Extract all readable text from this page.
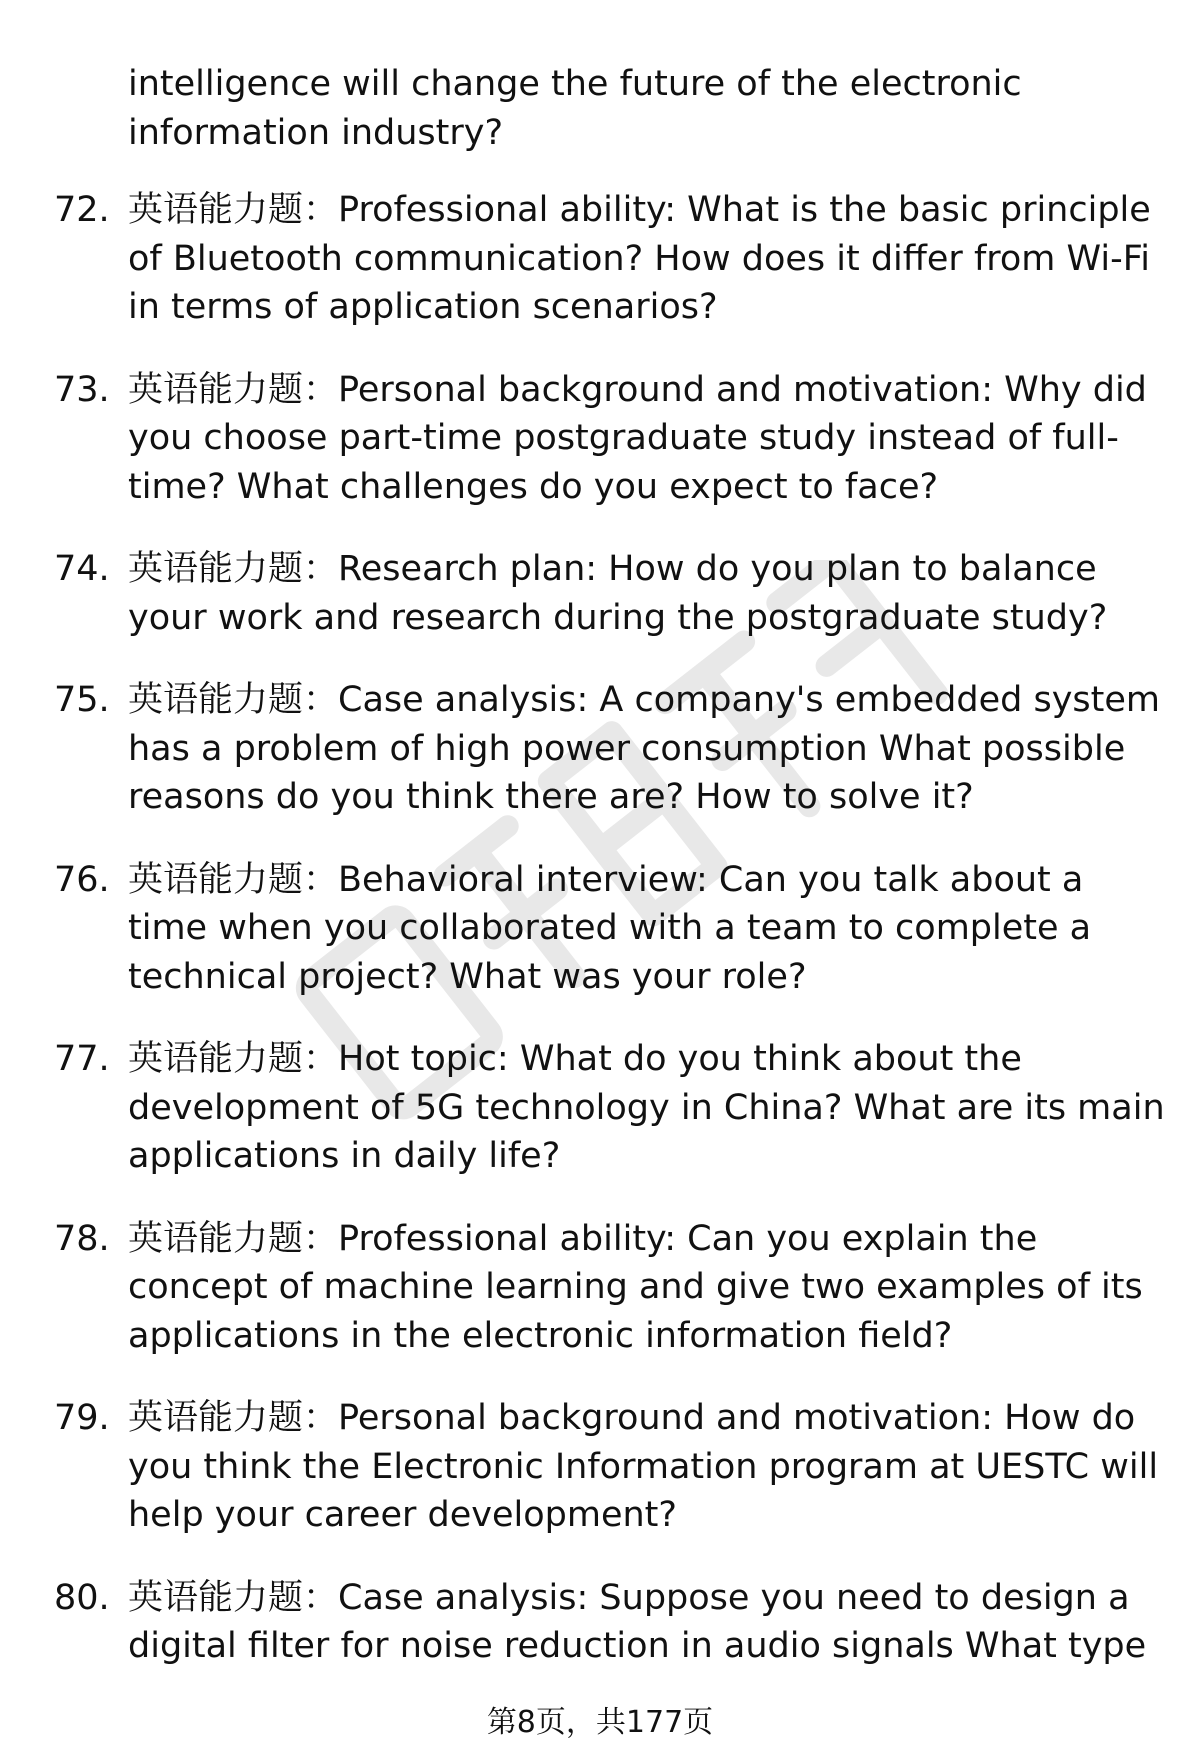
intelligence will change the future of the electronic information industry?
72. 英语能力题：Professional ability: What is the basic principle of Bluetooth communication? How does it differ from Wi-Fi in terms of application scenarios?
73. 英语能力题：Personal background and motivation: Why did you choose part-time postgraduate study instead of full-time? What challenges do you expect to face?
74. 英语能力题：Research plan: How do you plan to balance your work and research during the postgraduate study?
75. 英语能力题：Case analysis: A company's embedded system has a problem of high power consumption What possible reasons do you think there are? How to solve it?
76. 英语能力题：Behavioral interview: Can you talk about a time when you collaborated with a team to complete a technical project? What was your role?
77. 英语能力题：Hot topic: What do you think about the development of 5G technology in China? What are its main applications in daily life?
78. 英语能力题：Professional ability: Can you explain the concept of machine learning and give two examples of its applications in the electronic information field?
79. 英语能力题：Personal background and motivation: How do you think the Electronic Information program at UESTC will help your career development?
80. 英语能力题：Case analysis: Suppose you need to design a digital filter for noise reduction in audio signals What type
第8页，共177页
